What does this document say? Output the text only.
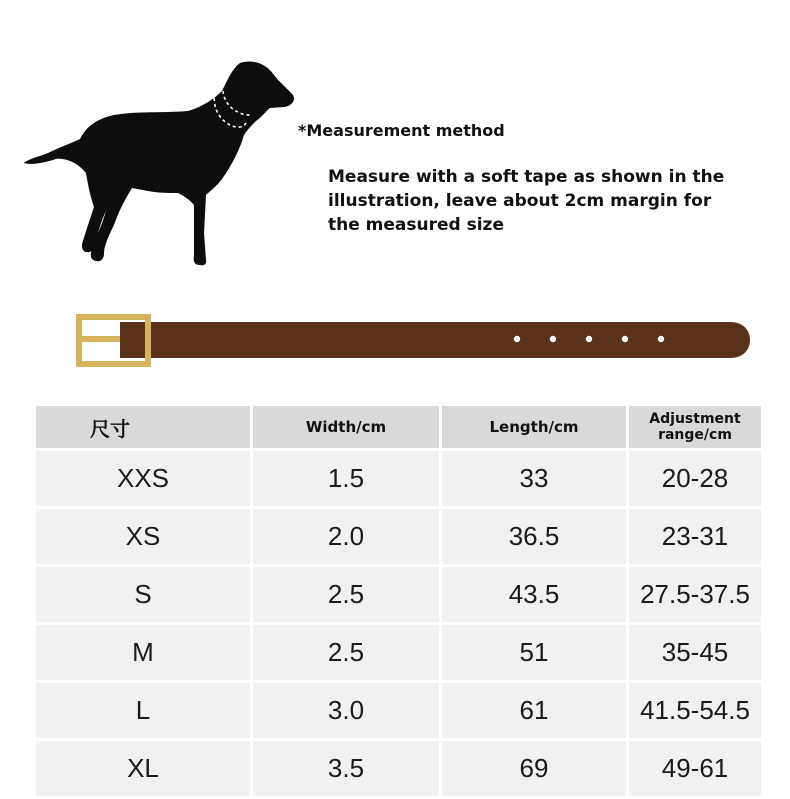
*Measurement method
Measure with a soft tape as shown in the illustration, leave about 2cm margin for the measured size
尺寸	Width/cm	Length/cm	Adjustment range/cm
XXS	1.5	33	20-28
XS	2.0	36.5	23-31
S	2.5	43.5	27.5-37.5
M	2.5	51	35-45
L	3.0	61	41.5-54.5
XL	3.5	69	49-61
